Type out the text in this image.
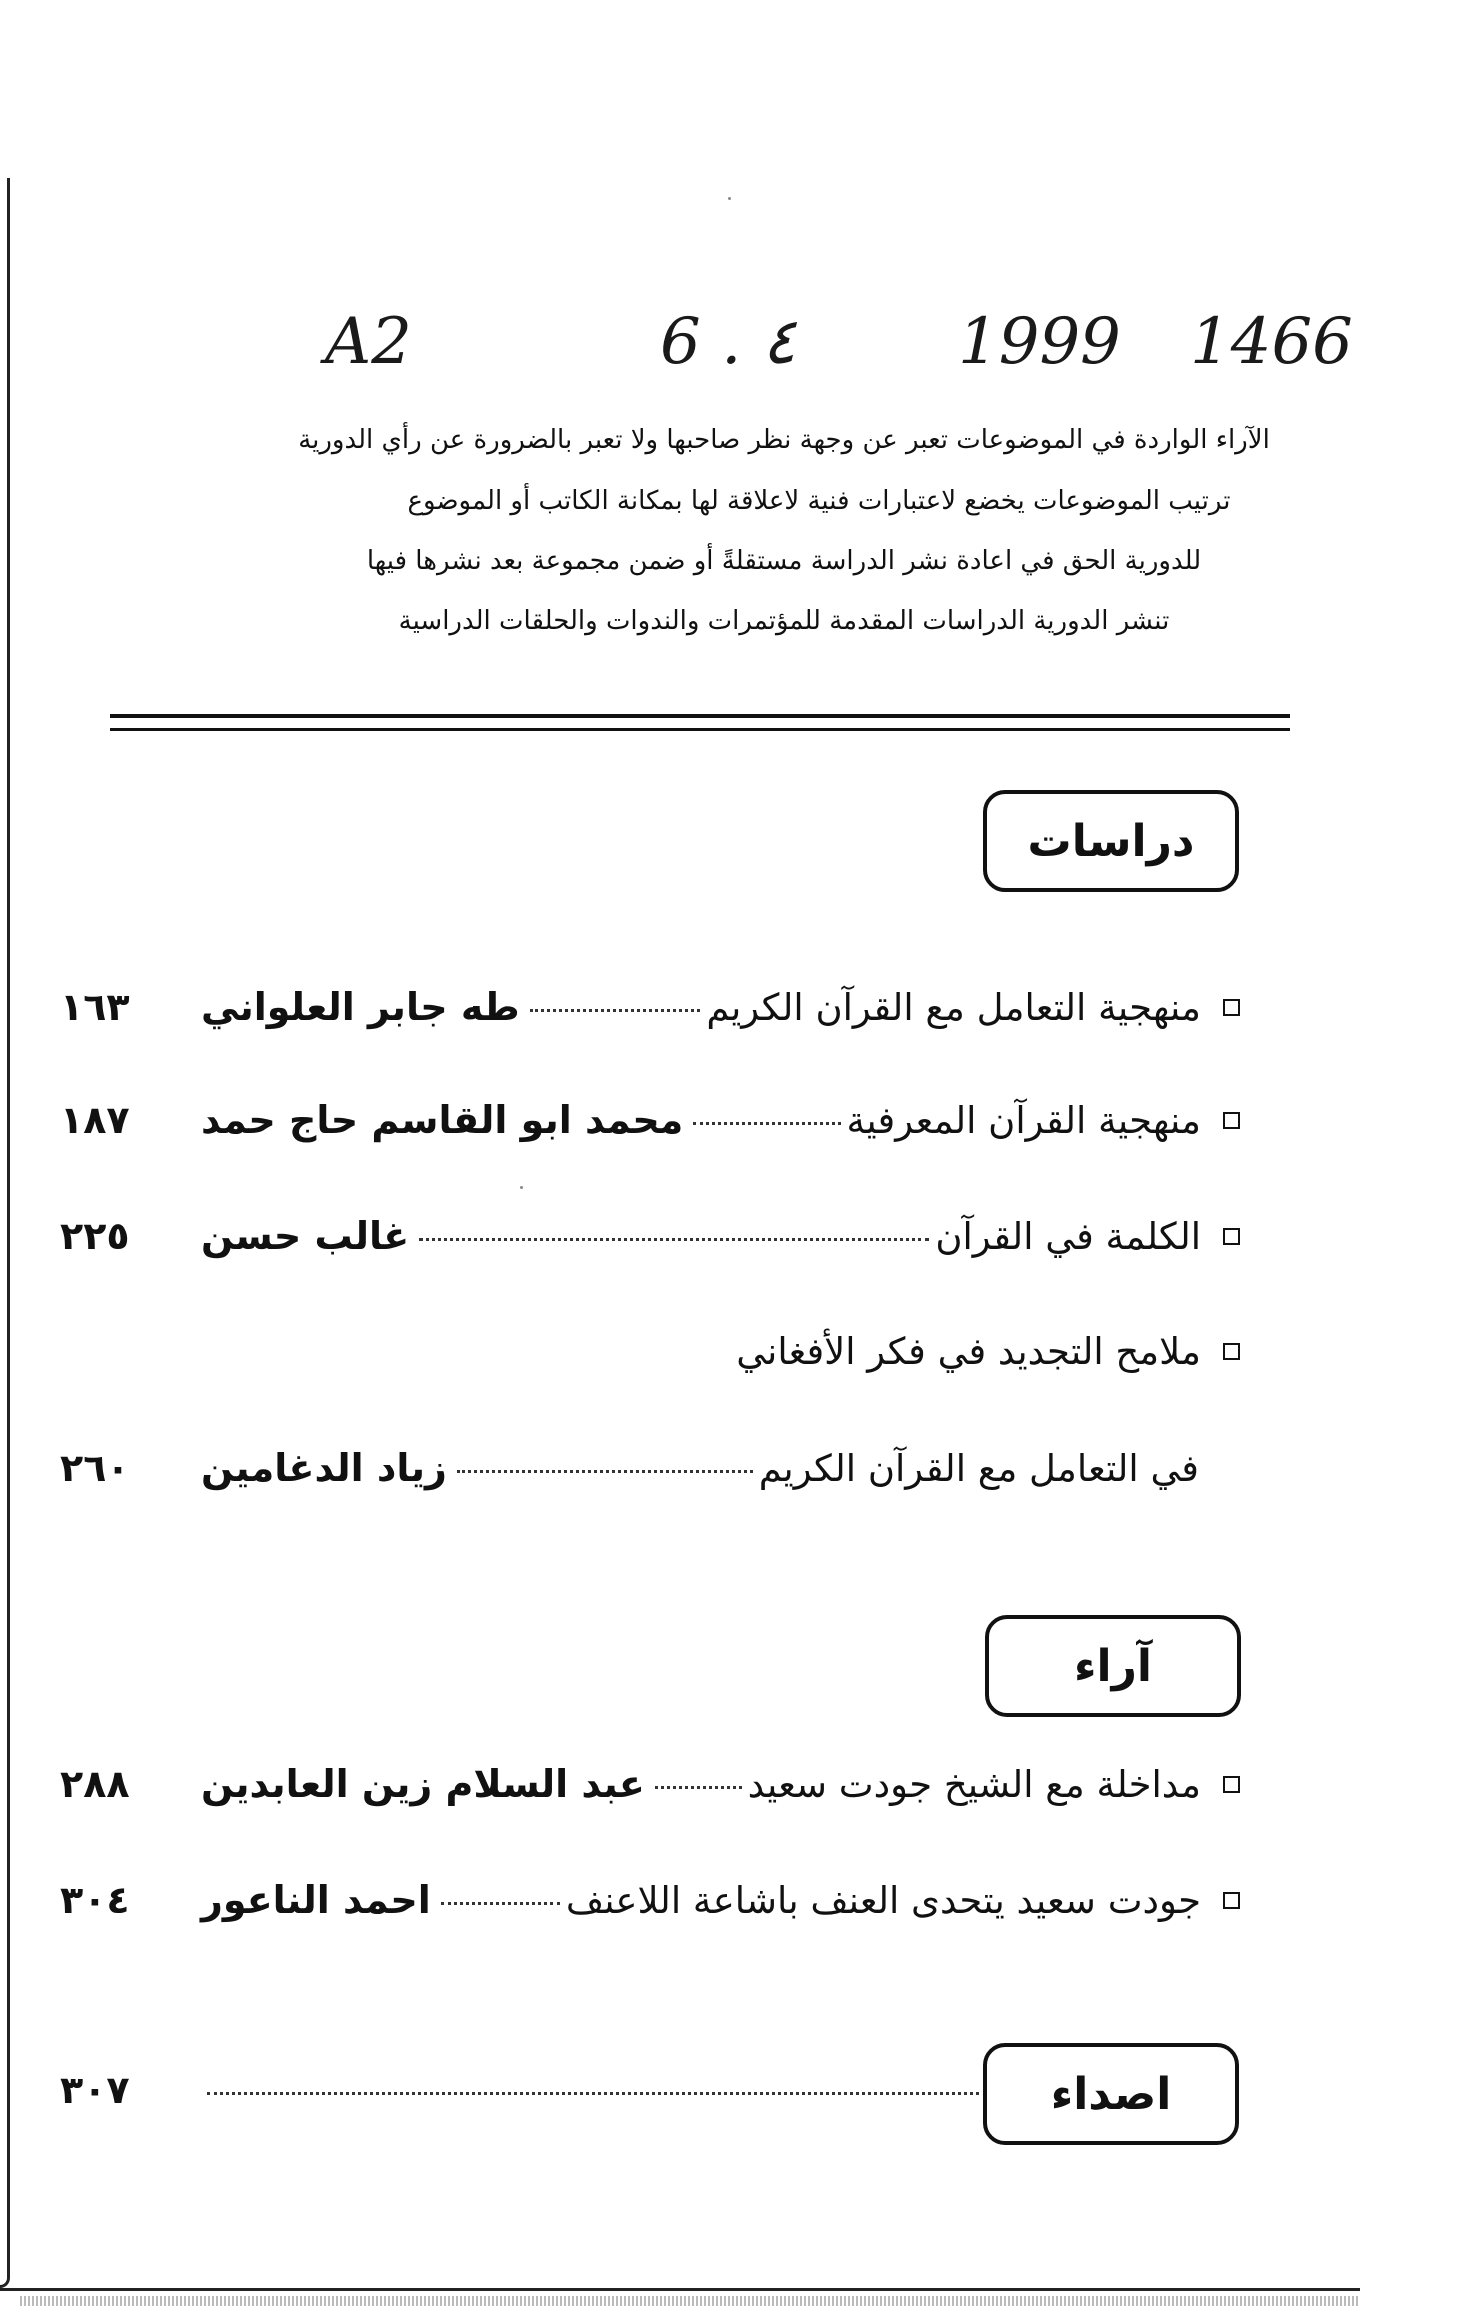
A2	6 . ٤	1999 1466
الآراء الواردة في الموضوعات تعبر عن وجهة نظر صاحبها ولا تعبر بالضرورة عن رأي الدورية
ترتيب الموضوعات يخضع لاعتبارات فنية لاعلاقة لها بمكانة الكاتب أو الموضوع
للدورية الحق في اعادة نشر الدراسة مستقلةً أو ضمن مجموعة بعد نشرها فيها
تنشر الدورية الدراسات المقدمة للمؤتمرات والندوات والحلقات الدراسية
دراسات
منهجية التعامل مع القرآن الكريم
طه جابر العلواني
١٦٣
منهجية القرآن المعرفية
محمد ابو القاسم حاج حمد
١٨٧
الكلمة في القرآن
غالب حسن
٢٢٥
ملامح التجديد في فكر الأفغاني
في التعامل مع القرآن الكريم
زياد الدغامين
٢٦٠
آراء
مداخلة مع الشيخ جودت سعيد
عبد السلام زين العابدين
٢٨٨
جودت سعيد يتحدى العنف باشاعة اللاعنف
احمد الناعور
٣٠٤
اصداء
٣٠٧
